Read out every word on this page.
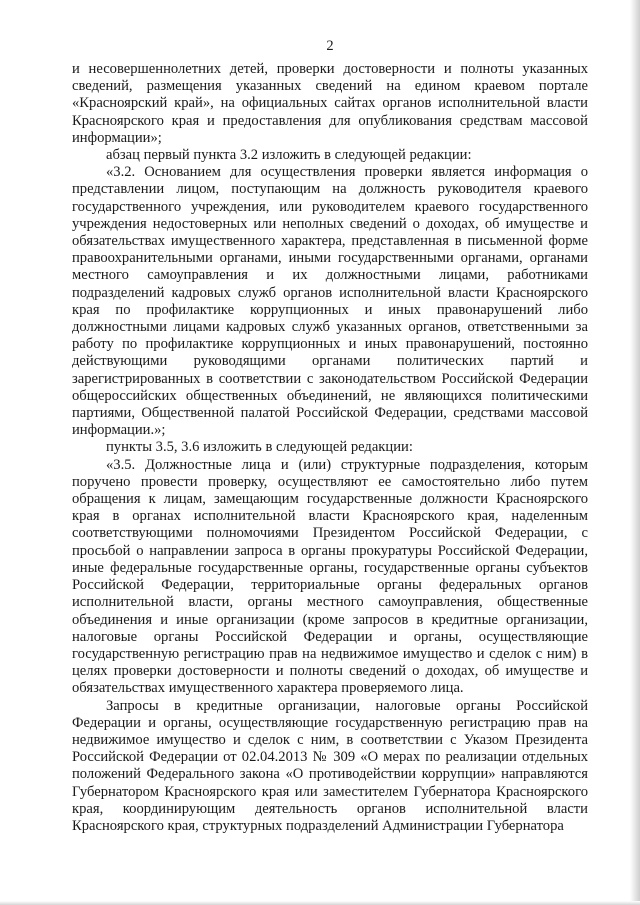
2

и несовершеннолетних детей, проверки достоверности и полноты указанных сведений, размещения указанных сведений на едином краевом портале «Красноярский край», на официальных сайтах органов исполнительной власти Красноярского края и предоставления для опубликования средствам массовой информации»;

абзац первый пункта 3.2 изложить в следующей редакции:

«3.2. Основанием для осуществления проверки является информация о представлении лицом, поступающим на должность руководителя краевого государственного учреждения, или руководителем краевого государственного учреждения недостоверных или неполных сведений о доходах, об имуществе и обязательствах имущественного характера, представленная в письменной форме правоохранительными органами, иными государственными органами, органами местного самоуправления и их должностными лицами, работниками подразделений кадровых служб органов исполнительной власти Красноярского края по профилактике коррупционных и иных правонарушений либо должностными лицами кадровых служб указанных органов, ответственными за работу по профилактике коррупционных и иных правонарушений, постоянно действующими руководящими органами политических партий и зарегистрированных в соответствии с законодательством Российской Федерации общероссийских общественных объединений, не являющихся политическими партиями, Общественной палатой Российской Федерации, средствами массовой информации.»;

пункты 3.5, 3.6 изложить в следующей редакции:

«3.5. Должностные лица и (или) структурные подразделения, которым поручено провести проверку, осуществляют ее самостоятельно либо путем обращения к лицам, замещающим государственные должности Красноярского края в органах исполнительной власти Красноярского края, наделенным соответствующими полномочиями Президентом Российской Федерации, с просьбой о направлении запроса в органы прокуратуры Российской Федерации, иные федеральные государственные органы, государственные органы субъектов Российской Федерации, территориальные органы федеральных органов исполнительной власти, органы местного самоуправления, общественные объединения и иные организации (кроме запросов в кредитные организации, налоговые органы Российской Федерации и органы, осуществляющие государственную регистрацию прав на недвижимое имущество и сделок с ним) в целях проверки достоверности и полноты сведений о доходах, об имуществе и обязательствах имущественного характера проверяемого лица.

Запросы в кредитные организации, налоговые органы Российской Федерации и органы, осуществляющие государственную регистрацию прав на недвижимое имущество и сделок с ним, в соответствии с Указом Президента Российской Федерации от 02.04.2013 № 309 «О мерах по реализации отдельных положений Федерального закона «О противодействии коррупции» направляются Губернатором Красноярского края или заместителем Губернатора Красноярского края, координирующим деятельность органов исполнительной власти Красноярского края, структурных подразделений Администрации Губернатора
